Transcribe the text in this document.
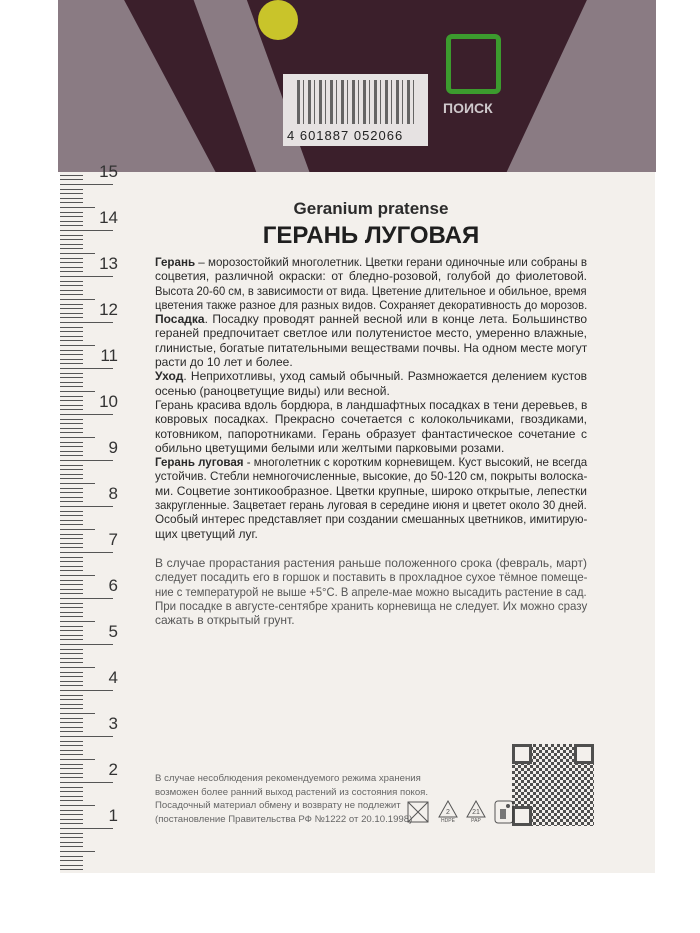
4 601887 052066
ПОИСК
15
14
13
12
11
10
9
8
7
6
5
4
3
2
1
Geranium pratense
ГЕРАНЬ ЛУГОВАЯ
Герань – морозостойкий многолетник. Цветки герани одиночные или собраны в
соцветия, различной окраски: от бледно-розовой, голубой до фиолетовой.
Высота 20-60 см, в зависимости от вида. Цветение длительное и обильное, время
цветения также разное для разных видов. Сохраняет декоративность до морозов.
Посадка. Посадку проводят ранней весной или в конце лета. Большинство
гераней предпочитает светлое или полутенистое место, умеренно влажные,
глинистые, богатые питательными веществами почвы. На одном месте могут
расти до 10 лет и более.
Уход. Неприхотливы, уход самый обычный. Размножается делением кустов
осенью (раноцветущие виды) или весной.
Герань красива вдоль бордюра, в ландшафтных посадках в тени деревьев, в
ковровых посадках. Прекрасно сочетается с колокольчиками, гвоздиками,
котовником, папоротниками. Герань образует фантастическое сочетание с
обильно цветущими белыми или желтыми парковыми розами.
Герань луговая - многолетник с коротким корневищем. Куст высокий, не всегда
устойчив. Стебли немногочисленные, высокие, до 50-120 см, покрыты волоска-
ми. Соцветие зонтикообразное. Цветки крупные, широко открытые, лепестки
закругленные. Зацветает герань луговая в середине июня и цветет около 30 дней.
Особый интерес представляет при создании смешанных цветников, имитирую-
щих цветущий луг.
В случае прорастания растения раньше положенного срока (февраль, март)
следует посадить его в горшок и поставить в прохладное сухое тёмное помеще-
ние с температурой не выше +5°С. В апреле-мае можно высадить растение в сад.
При посадке в августе-сентябре хранить корневища не следует. Их можно сразу
сажать в открытый грунт.
В случае несоблюдения рекомендуемого режима хранения
возможен более ранний выход растений из состояния покоя.
Посадочный материал обмену и возврату не подлежит
(постановление Правительства РФ №1222 от 20.10.1998)
2
HDPE
21
PAP
